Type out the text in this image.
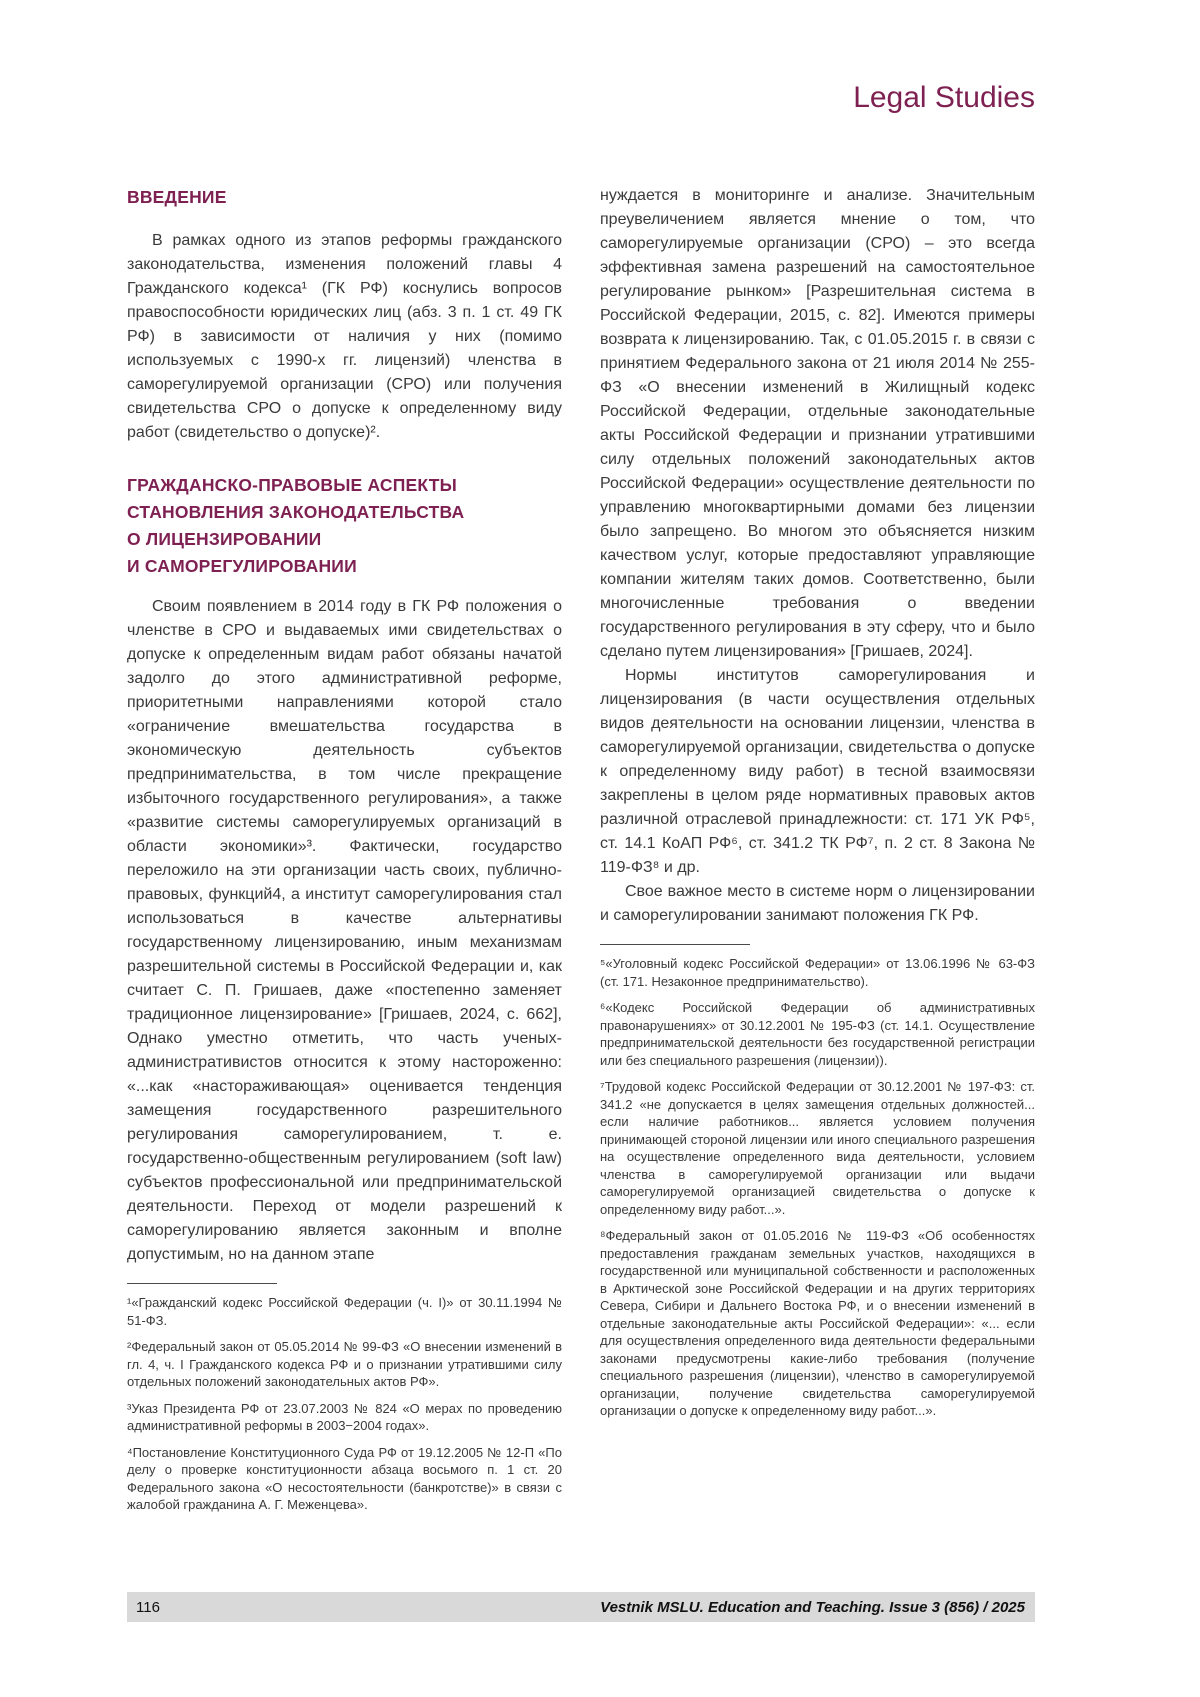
Legal Studies
ВВЕДЕНИЕ

В рамках одного из этапов реформы гражданского законодательства, изменения положений главы 4 Гражданского кодекса¹ (ГК РФ) коснулись вопросов правоспособности юридических лиц (абз. 3 п. 1 ст. 49 ГК РФ) в зависимости от наличия у них (помимо используемых с 1990-х гг. лицензий) членства в саморегулируемой организации (СРО) или получения свидетельства СРО о допуске к определенному виду работ (свидетельство о допуске)².

ГРАЖДАНСКО-ПРАВОВЫЕ АСПЕКТЫ
СТАНОВЛЕНИЯ ЗАКОНОДАТЕЛЬСТВА
О ЛИЦЕНЗИРОВАНИИ
И САМОРЕГУЛИРОВАНИИ

Своим появлением в 2014 году в ГК РФ положения о членстве в СРО и выдаваемых ими свидетельствах о допуске к определенным видам работ обязаны начатой задолго до этого административной реформе, приоритетными направлениями которой стало «ограничение вмешательства государства в экономическую деятельность субъектов предпринимательства, в том числе прекращение избыточного государственного регулирования», а также «развитие системы саморегулируемых организаций в области экономики»³. Фактически, государство переложило на эти организации часть своих, публично-правовых, функций4, а институт саморегулирования стал использоваться в качестве альтернативы государственному лицензированию, иным механизмам разрешительной системы в Российской Федерации и, как считает С. П. Гришаев, даже «постепенно заменяет традиционное лицензирование» [Гришаев, 2024, с. 662], Однако уместно отметить, что часть ученых-административистов относится к этому настороженно: «...как «настораживающая» оценивается тенденция замещения государственного разрешительного регулирования саморегулированием, т. е. государственно-общественным регулированием (soft law) субъектов профессиональной или предпринимательской деятельности. Переход от модели разрешений к саморегулированию является законным и вполне допустимым, но на данном этапе

¹«Гражданский кодекс Российской Федерации (ч. I)» от 30.11.1994 № 51-ФЗ.

²Федеральный закон от 05.05.2014 № 99-ФЗ «О внесении изменений в гл. 4, ч. I Гражданского кодекса РФ и о признании утратившими силу отдельных положений законодательных актов РФ».

³Указ Президента РФ от 23.07.2003 № 824 «О мерах по проведению административной реформы в 2003−2004 годах».

⁴Постановление Конституционного Суда РФ от 19.12.2005 № 12-П «По делу о проверке конституционности абзаца восьмого п. 1 ст. 20 Федерального закона «О несостоятельности (банкротстве)» в связи с жалобой гражданина А. Г. Меженцева».

нуждается в мониторинге и анализе. Значительным преувеличением является мнение о том, что саморегулируемые организации (СРО) – это всегда эффективная замена разрешений на самостоятельное регулирование рынком» [Разрешительная система в Российской Федерации, 2015, с. 82]. Имеются примеры возврата к лицензированию. Так, с 01.05.2015 г. в связи с принятием Федерального закона от 21 июля 2014 № 255-ФЗ «О внесении изменений в Жилищный кодекс Российской Федерации, отдельные законодательные акты Российской Федерации и признании утратившими силу отдельных положений законодательных актов Российской Федерации» осуществление деятельности по управлению многоквартирными домами без лицензии было запрещено. Во многом это объясняется низким качеством услуг, которые предоставляют управляющие компании жителям таких домов. Соответственно, были многочисленные требования о введении государственного регулирования в эту сферу, что и было сделано путем лицензирования» [Гришаев, 2024].

Нормы институтов саморегулирования и лицензирования (в части осуществления отдельных видов деятельности на основании лицензии, членства в саморегулируемой организации, свидетельства о допуске к определенному виду работ) в тесной взаимосвязи закреплены в целом ряде нормативных правовых актов различной отраслевой принадлежности: ст. 171 УК РФ⁵, ст. 14.1 КоАП РФ⁶, ст. 341.2 ТК РФ⁷, п. 2 ст. 8 Закона № 119-ФЗ⁸ и др.

Свое важное место в системе норм о лицензировании и саморегулировании занимают положения ГК РФ.

⁵«Уголовный кодекс Российской Федерации» от 13.06.1996 № 63-ФЗ (ст. 171. Незаконное предпринимательство).

⁶«Кодекс Российской Федерации об административных правонарушениях» от 30.12.2001 № 195-ФЗ (ст. 14.1. Осуществление предпринимательской деятельности без государственной регистрации или без специального разрешения (лицензии)).

⁷Трудовой кодекс Российской Федерации от 30.12.2001 № 197-ФЗ: ст. 341.2 «не допускается в целях замещения отдельных должностей... если наличие работников... является условием получения принимающей стороной лицензии или иного специального разрешения на осуществление определенного вида деятельности, условием членства в саморегулируемой организации или выдачи саморегулируемой организацией свидетельства о допуске к определенному виду работ...».

⁸Федеральный закон от 01.05.2016 № 119-ФЗ «Об особенностях предоставления гражданам земельных участков, находящихся в государственной или муниципальной собственности и расположенных в Арктической зоне Российской Федерации и на других территориях Севера, Сибири и Дальнего Востока РФ, и о внесении изменений в отдельные законодательные акты Российской Федерации»: «... если для осуществления определенного вида деятельности федеральными законами предусмотрены какие-либо требования (получение специального разрешения (лицензии), членство в саморегулируемой организации, получение свидетельства саморегулируемой организации о допуске к определенному виду работ...».

116	Vestnik MSLU. Education and Teaching. Issue 3 (856) / 2025
